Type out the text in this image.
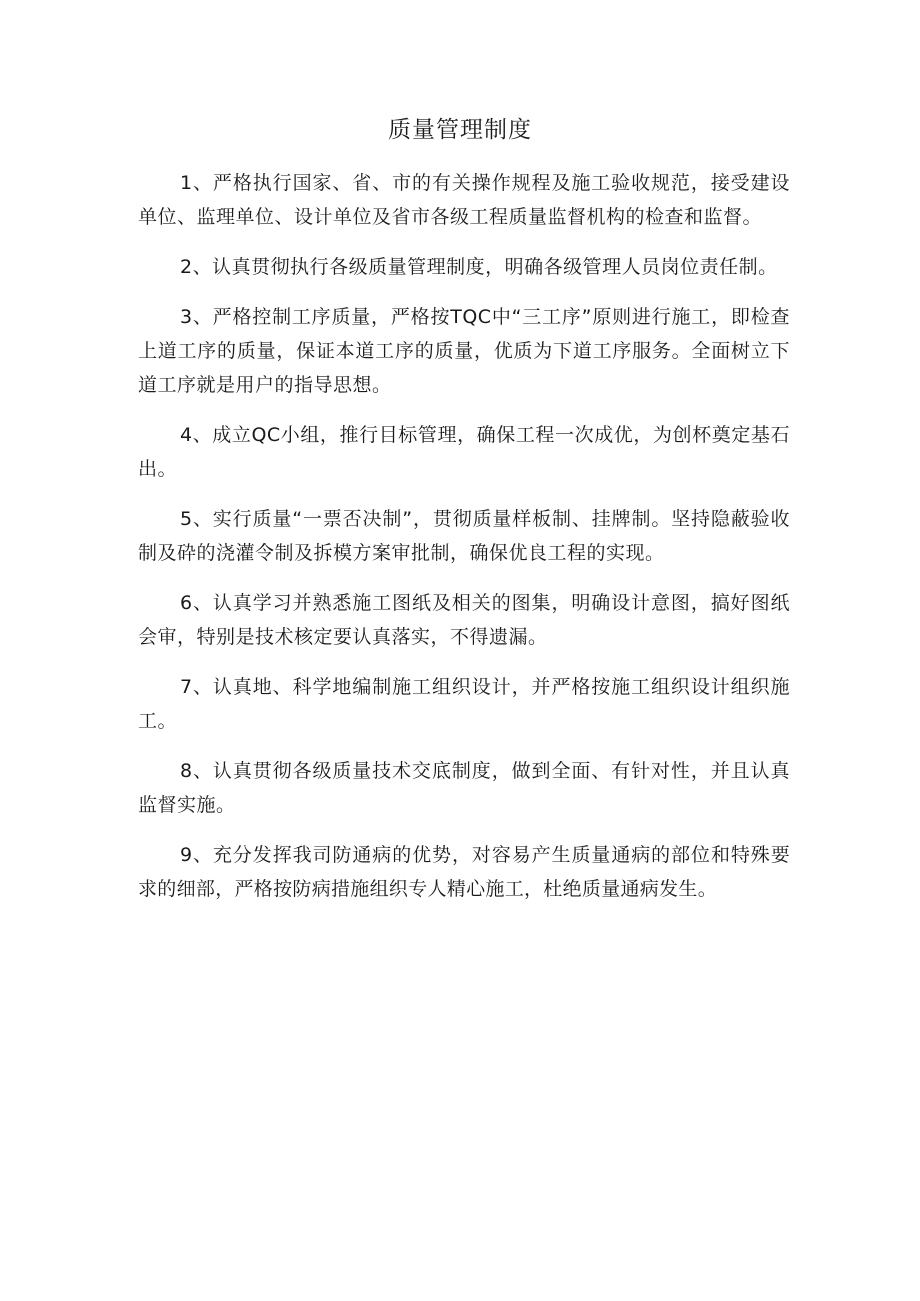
质量管理制度

1、严格执行国家、省、市的有关操作规程及施工验收规范，接受建设单位、监理单位、设计单位及省市各级工程质量监督机构的检查和监督。

2、认真贯彻执行各级质量管理制度，明确各级管理人员岗位责任制。

3、严格控制工序质量，严格按TQC中“三工序”原则进行施工，即检查上道工序的质量，保证本道工序的质量，优质为下道工序服务。全面树立下道工序就是用户的指导思想。

4、成立QC小组，推行目标管理，确保工程一次成优，为创杯奠定基石出。

5、实行质量“一票否决制”，贯彻质量样板制、挂牌制。坚持隐蔽验收制及砕的浇灌令制及拆模方案审批制，确保优良工程的实现。

6、认真学习并熟悉施工图纸及相关的图集，明确设计意图，搞好图纸会审，特别是技术核定要认真落实，不得遗漏。

7、认真地、科学地编制施工组织设计，并严格按施工组织设计组织施工。

8、认真贯彻各级质量技术交底制度，做到全面、有针对性，并且认真监督实施。

9、充分发挥我司防通病的优势，对容易产生质量通病的部位和特殊要求的细部，严格按防病措施组织专人精心施工，杜绝质量通病发生。
